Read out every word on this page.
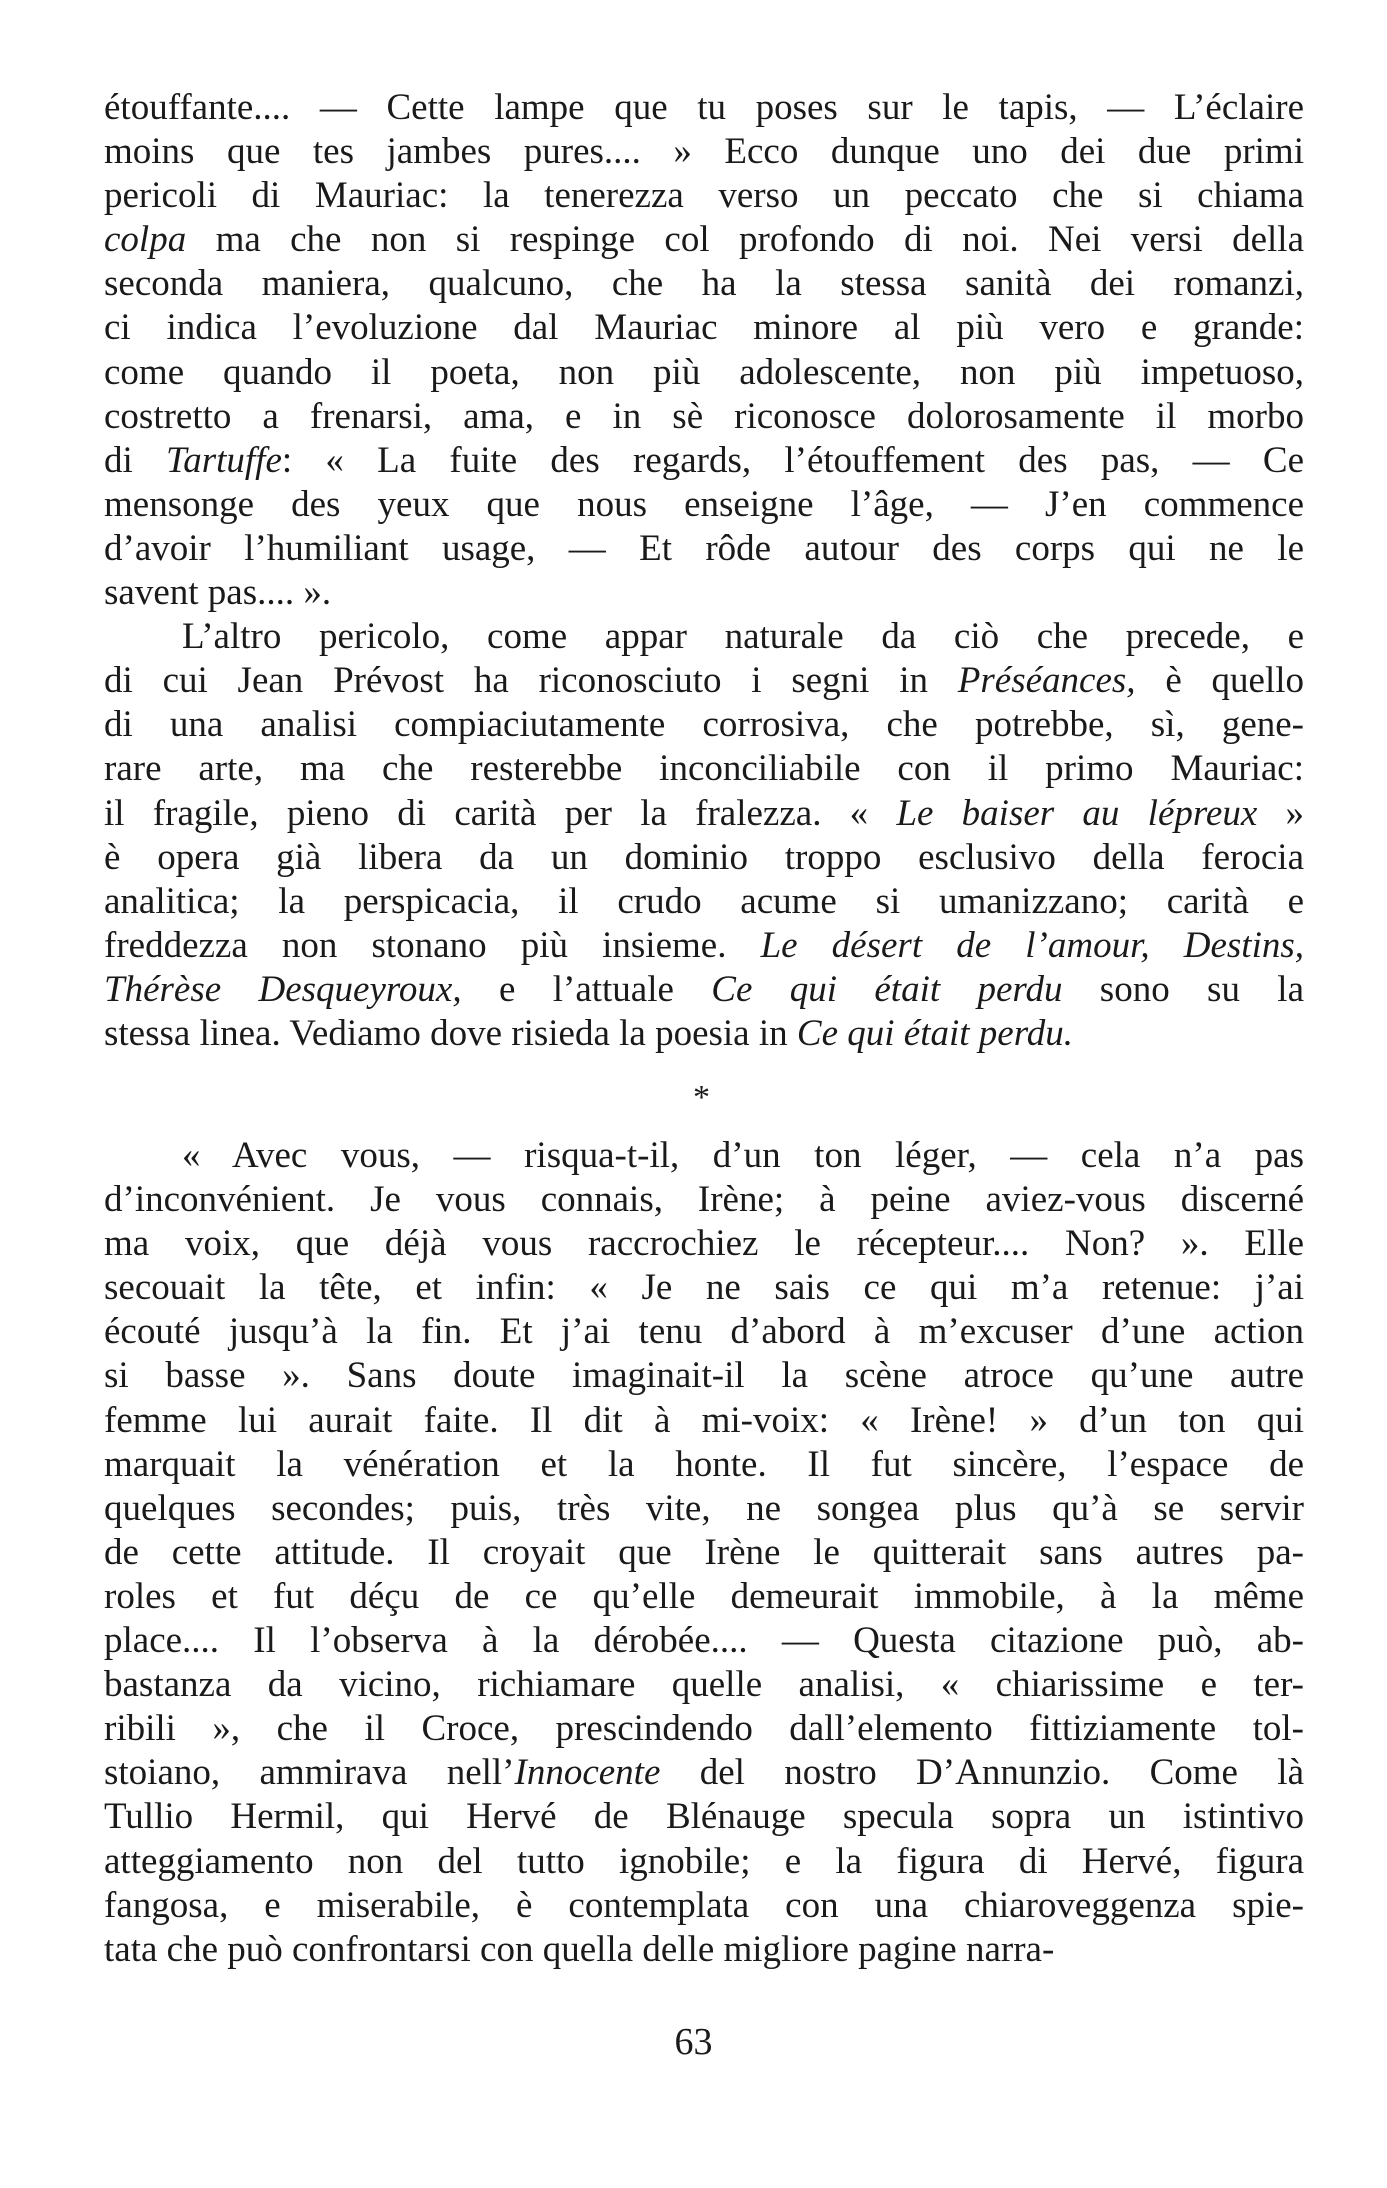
étouffante.... — Cette lampe que tu poses sur le tapis, — L’éclaire
moins que tes jambes pures.... » Ecco dunque uno dei due primi
pericoli di Mauriac: la tenerezza verso un peccato che si chiama
colpa ma che non si respinge col profondo di noi. Nei versi della
seconda maniera, qualcuno, che ha la stessa sanità dei romanzi,
ci indica l’evoluzione dal Mauriac minore al più vero e grande:
come quando il poeta, non più adolescente, non più impetuoso,
costretto a frenarsi, ama, e in sè riconosce dolorosamente il morbo
di Tartuffe: « La fuite des regards, l’étouffement des pas, — Ce
mensonge des yeux que nous enseigne l’âge, — J’en commence
d’avoir l’humiliant usage, — Et rôde autour des corps qui ne le
savent pas.... ».
L’altro pericolo, come appar naturale da ciò che precede, e
di cui Jean Prévost ha riconosciuto i segni in Préséances, è quello
di una analisi compiaciutamente corrosiva, che potrebbe, sì, gene-
rare arte, ma che resterebbe inconciliabile con il primo Mauriac:
il fragile, pieno di carità per la fralezza. « Le baiser au lépreux »
è opera già libera da un dominio troppo esclusivo della ferocia
analitica; la perspicacia, il crudo acume si umanizzano; carità e
freddezza non stonano più insieme. Le désert de l’amour, Destins,
Thérèse Desqueyroux, e l’attuale Ce qui était perdu sono su la
stessa linea. Vediamo dove risieda la poesia in Ce qui était perdu.
*
« Avec vous, — risqua-t-il, d’un ton léger, — cela n’a pas
d’inconvénient. Je vous connais, Irène; à peine aviez-vous discerné
ma voix, que déjà vous raccrochiez le récepteur.... Non? ». Elle
secouait la tête, et infin: « Je ne sais ce qui m’a retenue: j’ai
écouté jusqu’à la fin. Et j’ai tenu d’abord à m’excuser d’une action
si basse ». Sans doute imaginait-il la scène atroce qu’une autre
femme lui aurait faite. Il dit à mi-voix: « Irène! » d’un ton qui
marquait la vénération et la honte. Il fut sincère, l’espace de
quelques secondes; puis, très vite, ne songea plus qu’à se servir
de cette attitude. Il croyait que Irène le quitterait sans autres pa-
roles et fut déçu de ce qu’elle demeurait immobile, à la même
place.... Il l’observa à la dérobée.... — Questa citazione può, ab-
bastanza da vicino, richiamare quelle analisi, « chiarissime e ter-
ribili », che il Croce, prescindendo dall’elemento fittiziamente tol-
stoiano, ammirava nell’Innocente del nostro D’Annunzio. Come là
Tullio Hermil, qui Hervé de Blénauge specula sopra un istintivo
atteggiamento non del tutto ignobile; e la figura di Hervé, figura
fangosa, e miserabile, è contemplata con una chiaroveggenza spie-
tata che può confrontarsi con quella delle migliore pagine narra-
63
